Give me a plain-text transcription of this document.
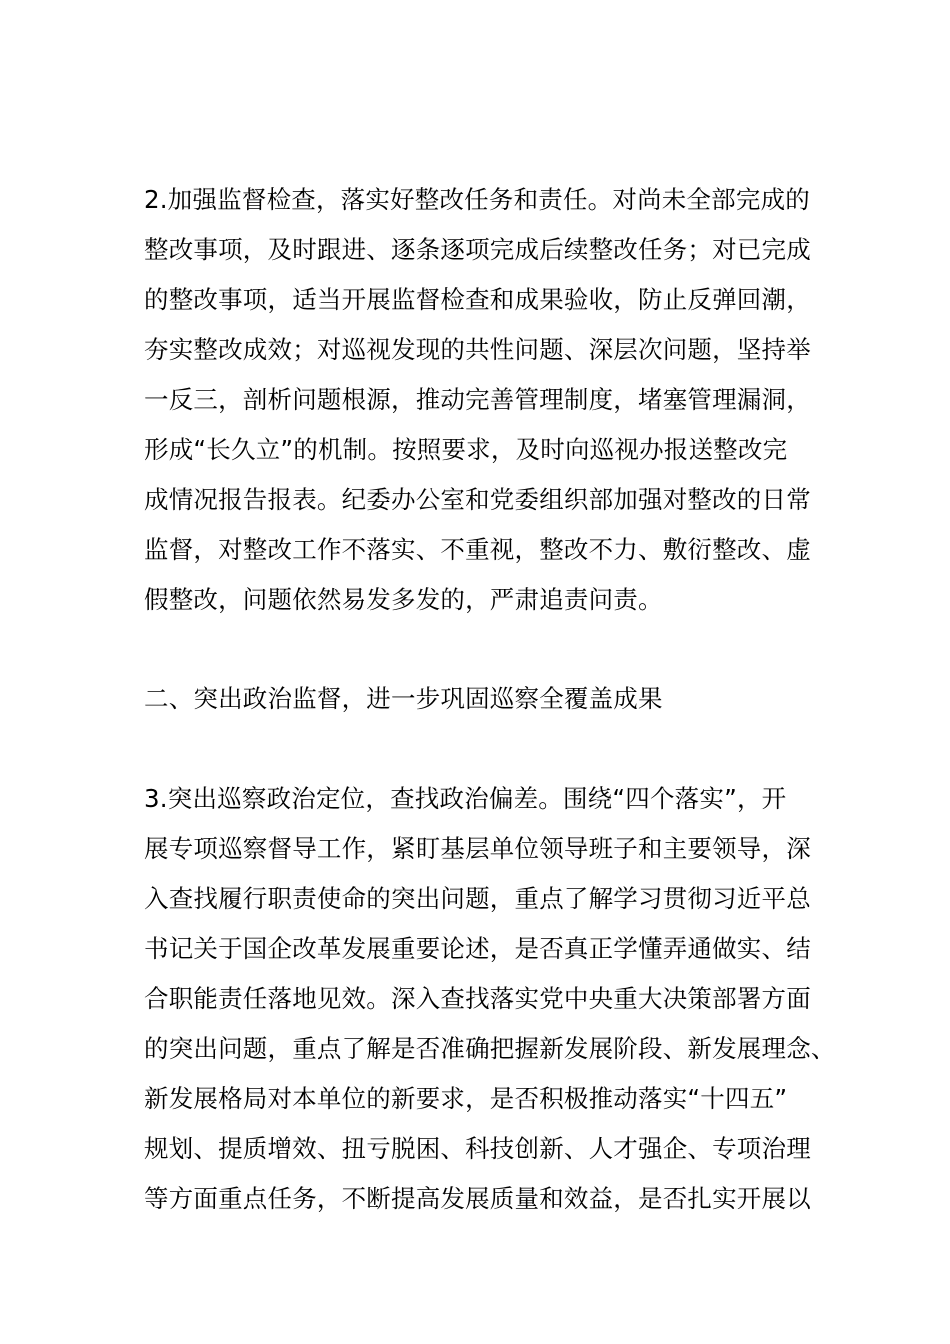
2.加强监督检查，落实好整改任务和责任。对尚未全部完成的
整改事项，及时跟进、逐条逐项完成后续整改任务；对已完成
的整改事项，适当开展监督检查和成果验收，防止反弹回潮，
夯实整改成效；对巡视发现的共性问题、深层次问题，坚持举
一反三，剖析问题根源，推动完善管理制度，堵塞管理漏洞，
形成“长久立”的机制。按照要求，及时向巡视办报送整改完
成情况报告报表。纪委办公室和党委组织部加强对整改的日常
监督，对整改工作不落实、不重视，整改不力、敷衍整改、虚
假整改，问题依然易发多发的，严肃追责问责。
二、突出政治监督，进一步巩固巡察全覆盖成果
3.突出巡察政治定位，查找政治偏差。围绕“四个落实”，开
展专项巡察督导工作，紧盯基层单位领导班子和主要领导，深
入查找履行职责使命的突出问题，重点了解学习贯彻习近平总
书记关于国企改革发展重要论述，是否真正学懂弄通做实、结
合职能责任落地见效。深入查找落实党中央重大决策部署方面
的突出问题，重点了解是否准确把握新发展阶段、新发展理念、
新发展格局对本单位的新要求，是否积极推动落实“十四五”
规划、提质增效、扭亏脱困、科技创新、人才强企、专项治理
等方面重点任务，不断提高发展质量和效益，是否扎实开展以
